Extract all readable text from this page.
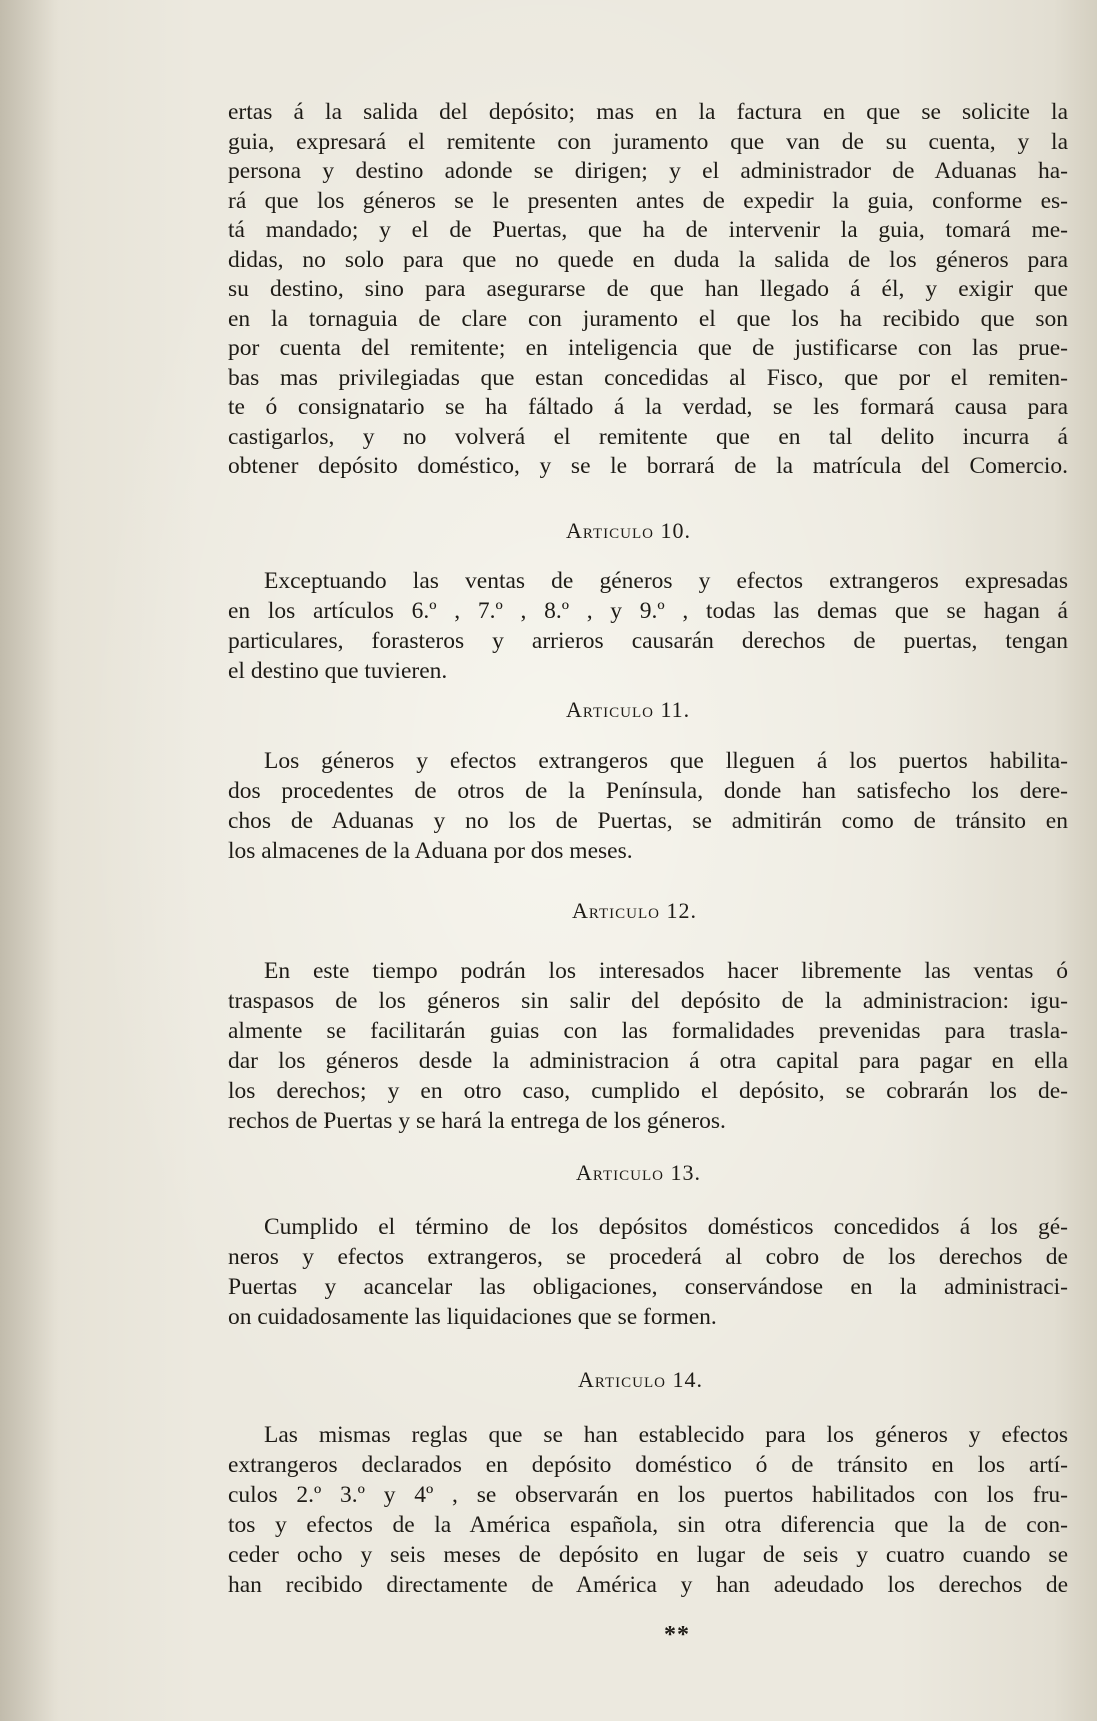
ertas á la salida del depósito; mas en la factura en que se solicite la
guia, expresará el remitente con juramento que van de su cuenta, y la
persona y destino adonde se dirigen; y el administrador de Aduanas ha-
rá que los géneros se le presenten antes de expedir la guia, conforme es-
tá mandado; y el de Puertas, que ha de intervenir la guia, tomará me-
didas, no solo para que no quede en duda la salida de los géneros para
su destino, sino para asegurarse de que han llegado á él, y exigir que
en la tornaguia de clare con juramento el que los ha recibido que son
por cuenta del remitente; en inteligencia que de justificarse con las prue-
bas mas privilegiadas que estan concedidas al Fisco, que por el remiten-
te ó consignatario se ha fáltado á la verdad, se les formará causa para
castigarlos, y no volverá el remitente que en tal delito incurra á
obtener depósito doméstico, y se le borrará de la matrícula del Comercio.
Articulo 10.
Exceptuando las ventas de géneros y efectos extrangeros expresadas
en los artículos 6.º , 7.º , 8.º , y 9.º , todas las demas que se hagan á
particulares, forasteros y arrieros causarán derechos de puertas, tengan
el destino que tuvieren.
Articulo 11.
Los géneros y efectos extrangeros que lleguen á los puertos habilita-
dos procedentes de otros de la Península, donde han satisfecho los dere-
chos de Aduanas y no los de Puertas, se admitirán como de tránsito en
los almacenes de la Aduana por dos meses.
Articulo 12.
En este tiempo podrán los interesados hacer libremente las ventas ó
traspasos de los géneros sin salir del depósito de la administracion: igu-
almente se facilitarán guias con las formalidades prevenidas para trasla-
dar los géneros desde la administracion á otra capital para pagar en ella
los derechos; y en otro caso, cumplido el depósito, se cobrarán los de-
rechos de Puertas y se hará la entrega de los géneros.
Articulo 13.
Cumplido el término de los depósitos domésticos concedidos á los gé-
neros y efectos extrangeros, se procederá al cobro de los derechos de
Puertas y acancelar las obligaciones, conservándose en la administraci-
on cuidadosamente las liquidaciones que se formen.
Articulo 14.
Las mismas reglas que se han establecido para los géneros y efectos
extrangeros declarados en depósito doméstico ó de tránsito en los artí-
culos 2.º 3.º y 4º , se observarán en los puertos habilitados con los fru-
tos y efectos de la América española, sin otra diferencia que la de con-
ceder ocho y seis meses de depósito en lugar de seis y cuatro cuando se
han recibido directamente de América y han adeudado los derechos de
**
